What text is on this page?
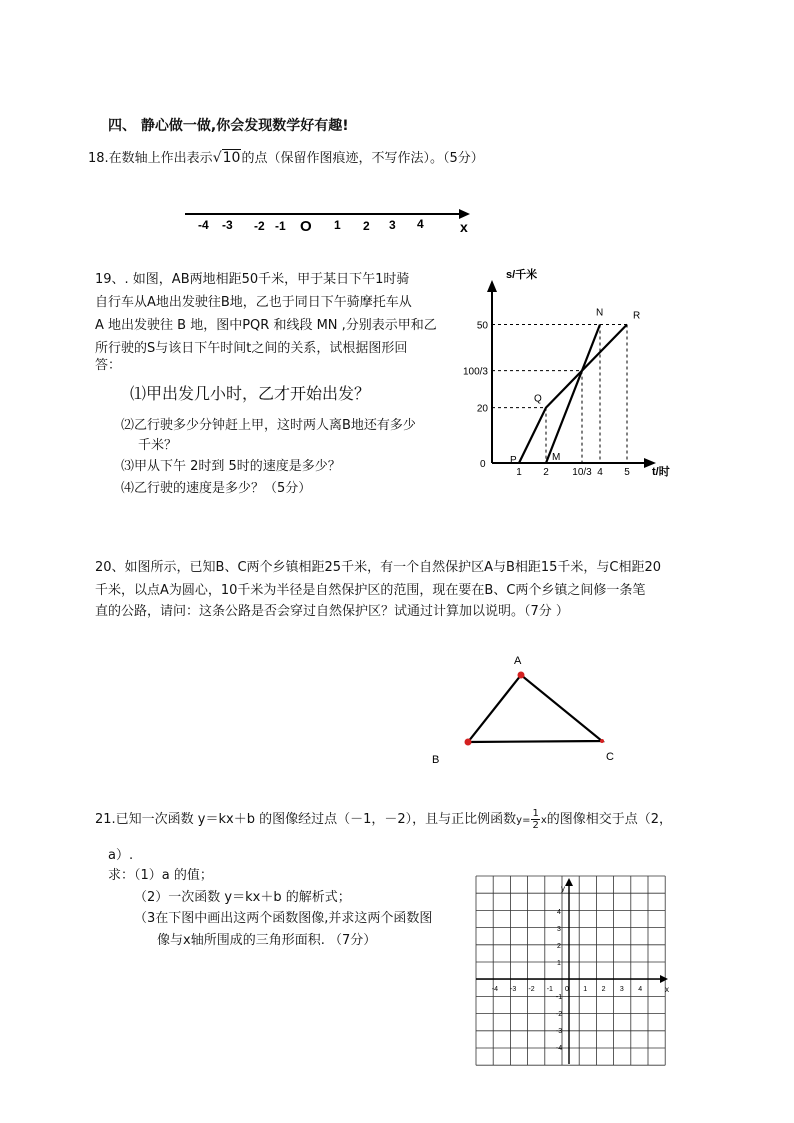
四、 静心做一做,你会发现数学好有趣!
18.在数轴上作出表示√10的点（保留作图痕迹，不写作法）。（5分）
-4 -3 -2 -1 O 1 2 3 4	x
19、. 如图，AB两地相距50千米，甲于某日下午1时骑
自行车从A地出发驶往B地，乙也于同日下午骑摩托车从
A 地出发驶往 B 地，图中PQR 和线段 MN ,分别表示甲和乙
所行驶的S与该日下午时间t之间的关系，试根据图形回
答：
⑴甲出发几小时，乙才开始出发？
⑵乙行驶多少分钟赶上甲，这时两人离B地还有多少
千米？
⑶甲从下午 2时到 5时的速度是多少？
⑷乙行驶的速度是多少？（5分）
s/千米
t/时
0 P
Q
R
M
N
1 2 10/3 4 5
20
100/3
50
20、如图所示，已知B、C两个乡镇相距25千米，有一个自然保护区A与B相距15千米，与C相距20
千米，以点A为圆心，10千米为半径是自然保护区的范围，现在要在B、C两个乡镇之间修一条笔
直的公路，请问：这条公路是否会穿过自然保护区？试通过计算加以说明。（7分 ）
A
B	C
21.已知一次函数 y＝kx＋b 的图像经过点（－1，－2），且与正比例函数$y= \frac{1}{2}$ x的图像相交于点（2，
a）.
求：（1）a 的值；
（2）一次函数 y＝kx＋b 的解析式；
（3在下图中画出这两个函数图像,并求这两个函数图
像与x轴所围成的三角形面积. （7分）
x
y
-4 -3 -2 -1 0 1 2 3 4
4
3
2
1
-1
-2
-3
-4
